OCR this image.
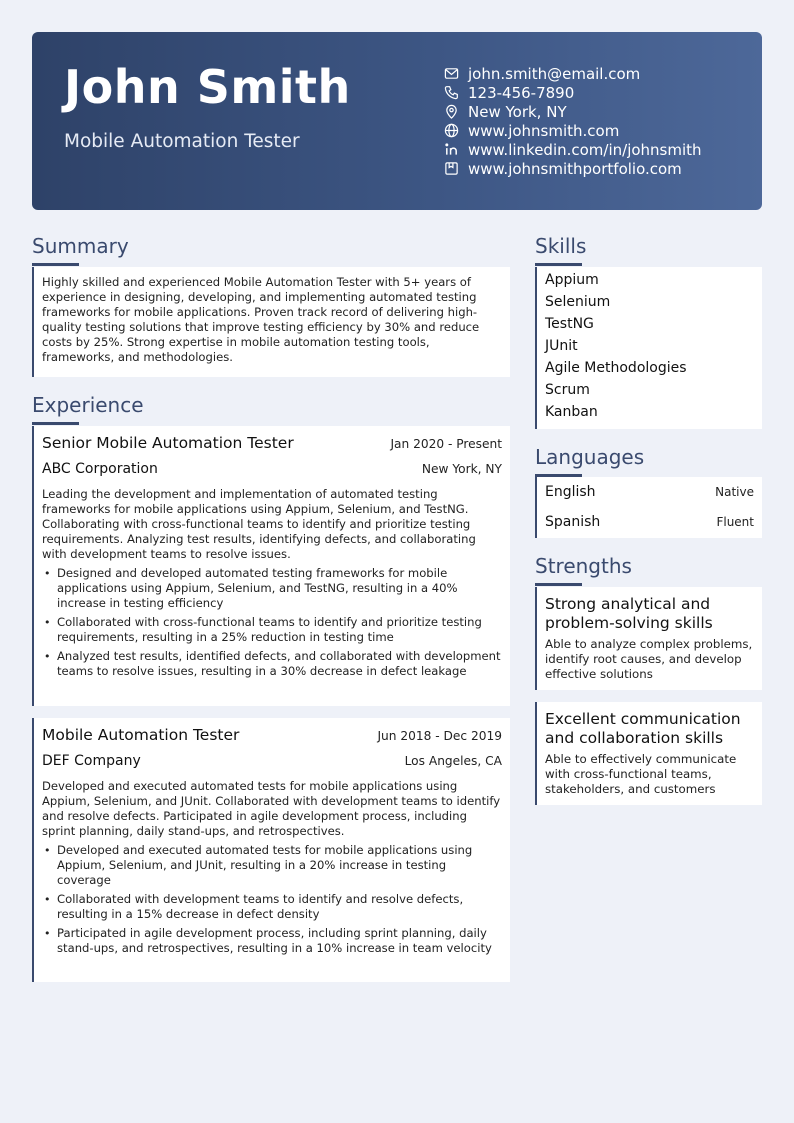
John Smith
Mobile Automation Tester
john.smith@email.com
123-456-7890
New York, NY
www.johnsmith.com
www.linkedin.com/in/johnsmith
www.johnsmithportfolio.com
Summary
Highly skilled and experienced Mobile Automation Tester with 5+ years of experience in designing, developing, and implementing automated testing frameworks for mobile applications. Proven track record of delivering high-quality testing solutions that improve testing efficiency by 30% and reduce costs by 25%. Strong expertise in mobile automation testing tools, frameworks, and methodologies.
Experience
Senior Mobile Automation Tester	Jan 2020 - Present
ABC Corporation	New York, NY
Leading the development and implementation of automated testing frameworks for mobile applications using Appium, Selenium, and TestNG. Collaborating with cross-functional teams to identify and prioritize testing requirements. Analyzing test results, identifying defects, and collaborating with development teams to resolve issues.
• Designed and developed automated testing frameworks for mobile applications using Appium, Selenium, and TestNG, resulting in a 40% increase in testing efficiency
• Collaborated with cross-functional teams to identify and prioritize testing requirements, resulting in a 25% reduction in testing time
• Analyzed test results, identified defects, and collaborated with development teams to resolve issues, resulting in a 30% decrease in defect leakage
Mobile Automation Tester	Jun 2018 - Dec 2019
DEF Company	Los Angeles, CA
Developed and executed automated tests for mobile applications using Appium, Selenium, and JUnit. Collaborated with development teams to identify and resolve defects. Participated in agile development process, including sprint planning, daily stand-ups, and retrospectives.
• Developed and executed automated tests for mobile applications using Appium, Selenium, and JUnit, resulting in a 20% increase in testing coverage
• Collaborated with development teams to identify and resolve defects, resulting in a 15% decrease in defect density
• Participated in agile development process, including sprint planning, daily stand-ups, and retrospectives, resulting in a 10% increase in team velocity
Skills
Appium
Selenium
TestNG
JUnit
Agile Methodologies
Scrum
Kanban
Languages
English	Native
Spanish	Fluent
Strengths
Strong analytical and problem-solving skills
Able to analyze complex problems, identify root causes, and develop effective solutions
Excellent communication and collaboration skills
Able to effectively communicate with cross-functional teams, stakeholders, and customers
